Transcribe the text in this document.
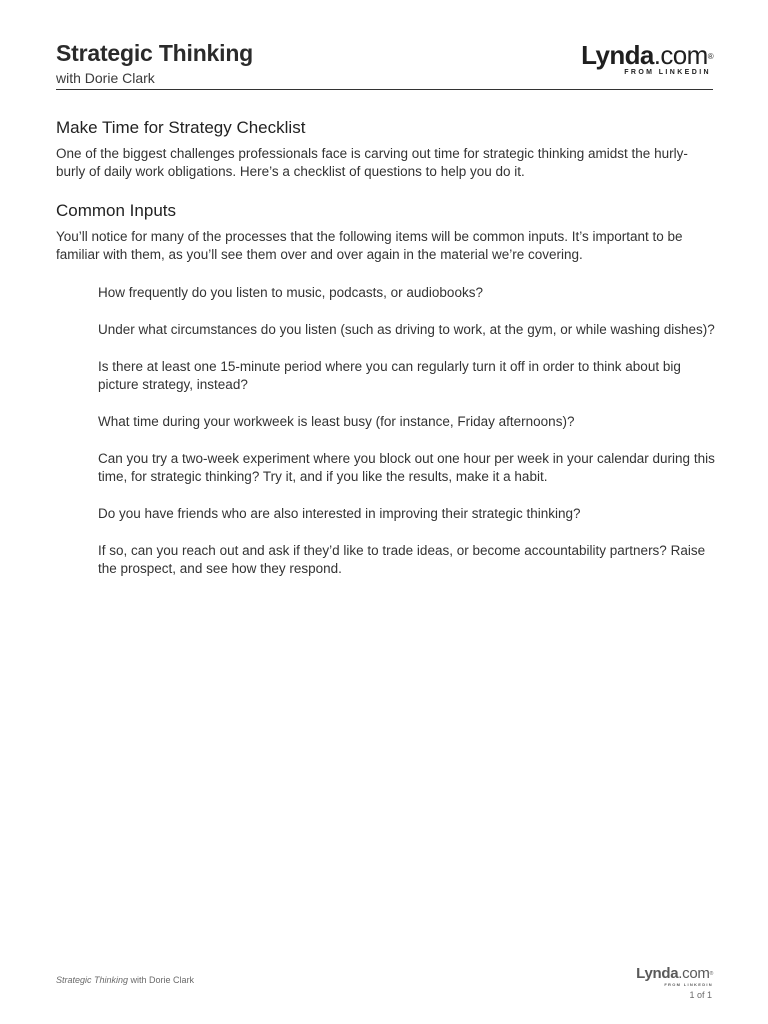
Strategic Thinking
with Dorie Clark
Lynda.com®
FROM LINKEDIN
Make Time for Strategy Checklist

One of the biggest challenges professionals face is carving out time for strategic thinking amidst the hurly-burly of daily work obligations. Here’s a checklist of questions to help you do it.

Common Inputs

You’ll notice for many of the processes that the following items will be common inputs. It’s important to be familiar with them, as you’ll see them over and over again in the material we’re covering.

How frequently do you listen to music, podcasts, or audiobooks?
Under what circumstances do you listen (such as driving to work, at the gym, or while washing dishes)?
Is there at least one 15-minute period where you can regularly turn it off in order to think about big picture strategy, instead?
What time during your workweek is least busy (for instance, Friday afternoons)?
Can you try a two-week experiment where you block out one hour per week in your calendar during this time, for strategic thinking? Try it, and if you like the results, make it a habit.
Do you have friends who are also interested in improving their strategic thinking?
If so, can you reach out and ask if they’d like to trade ideas, or become accountability partners? Raise the prospect, and see how they respond.
Strategic Thinking with Dorie Clark	Lynda.com®
FROM LINKEDIN
1 of 1
